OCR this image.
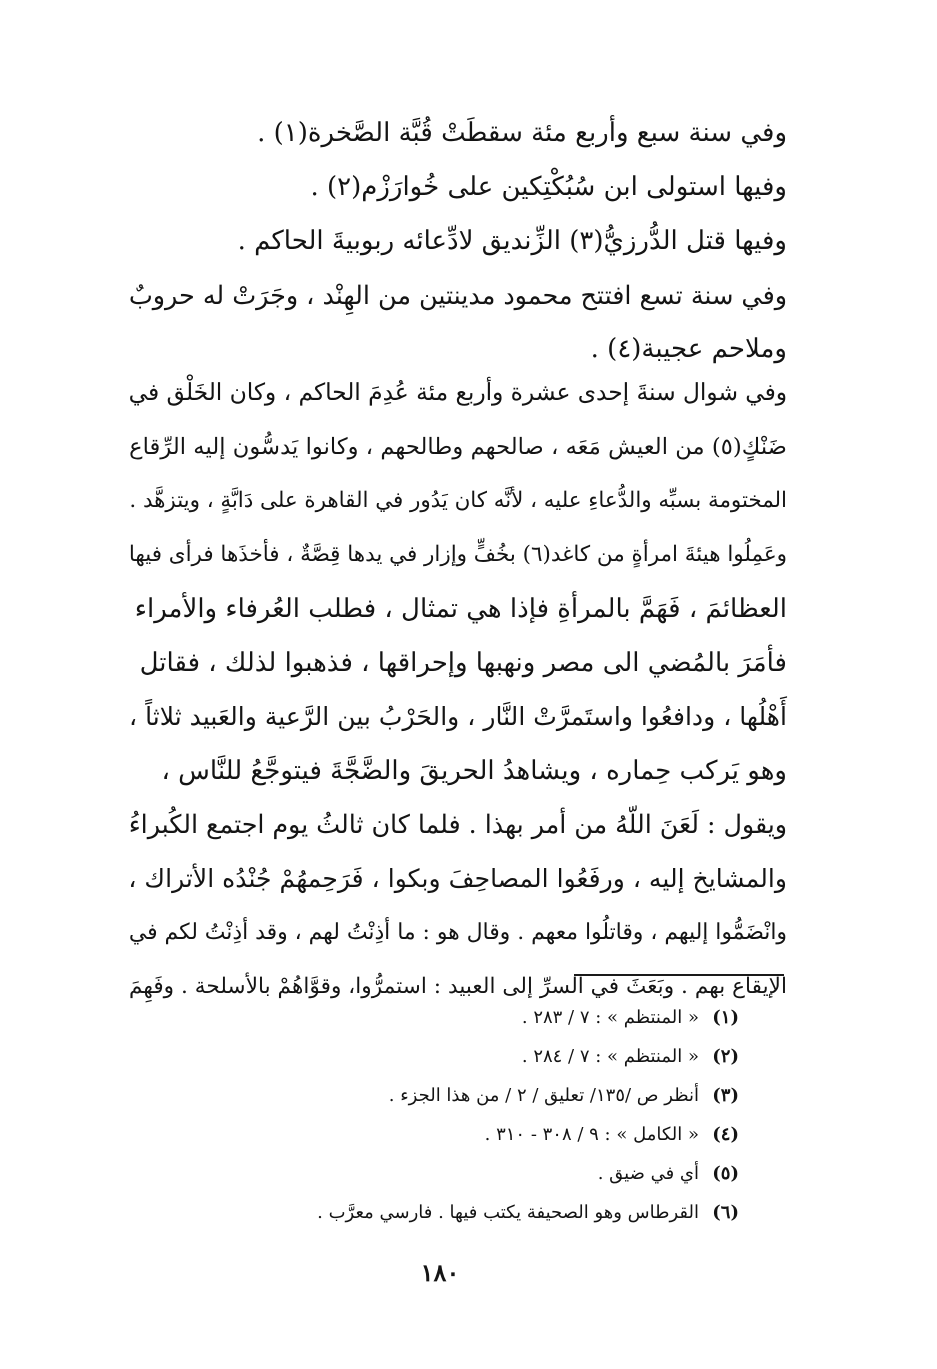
وفي سنة سبع وأربع مئة سقطَتْ قُبَّة الصَّخرة(١) .
وفيها استولى ابن سُبُكْتِكين على خُوارَزْم(٢) .
وفيها قتل الدُّرزيُّ(٣) الزِّنديق لادِّعائه ربوبيةَ الحاكم .
وفي سنة تسع افتتح محمود مدينتين من الهِنْد ، وجَرَتْ له حروبٌ
وملاحم عجيبة(٤) .
وفي شوال سنةَ إحدى عشرة وأربع مئة عُدِمَ الحاكم ، وكان الخَلْق في
ضَنْكٍ(٥) من العيش مَعَه ، صالحهم وطالحهم ، وكانوا يَدسُّون إليه الرِّقاع
المختومة بسبِّه والدُّعاءِ عليه ، لأنَّه كان يَدُور في القاهرة على دَابَّةٍ ، ويتزهَّد .
وعَمِلُوا هيئةَ امرأةٍ من كاغد(٦) بخُفٍّ وإزار في يدها قِصَّةٌ ، فأخذَها فرأى فيها
العظائمَ ، فَهَمَّ بالمرأةِ فإذا هي تمثال ، فطلب العُرفاء والأمراء
فأمَرَ بالمُضي الى مصر ونهبها وإحراقها ، فذهبوا لذلك ، فقاتل
أَهْلُها ، ودافعُوا واستَمرَّتْ النَّار ، والحَرْبُ بين الرَّعية والعَبيد ثلاثاً ،
وهو يَركب حِماره ، ويشاهدُ الحريقَ والضَّجَّةَ فيتوجَّعُ للنَّاس ،
ويقول : لَعَنَ اللّهُ من أمر بهذا . فلما كان ثالثُ يوم اجتمع الكُبراءُ
والمشايخ إليه ، ورفَعُوا المصاحِفَ وبكوا ، فَرَحِمهُمْ جُنْدُه الأتراك ،
وانْضَمُّوا إليهم ، وقاتلُوا معهم . وقال هو : ما أذِنْتُ لهم ، وقد أذِنْتُ لكم في
الإيقاع بهم . وبَعَثَ في السرِّ إلى العبيد : استمرُّوا، وقوَّاهُمْ بالأسلحة . وفَهِمَ
(١)« المنتظم » : ٧ / ٢٨٣ .
(٢)« المنتظم » : ٧ / ٢٨٤ .
(٣)أنظر ص /١٣٥/ تعليق / ٢ / من هذا الجزء .
(٤)« الكامل » : ٩ / ٣٠٨ - ٣١٠ .
(٥)أي في ضيق .
(٦)القرطاس وهو الصحيفة يكتب فيها . فارسي معرَّب .
١٨٠
